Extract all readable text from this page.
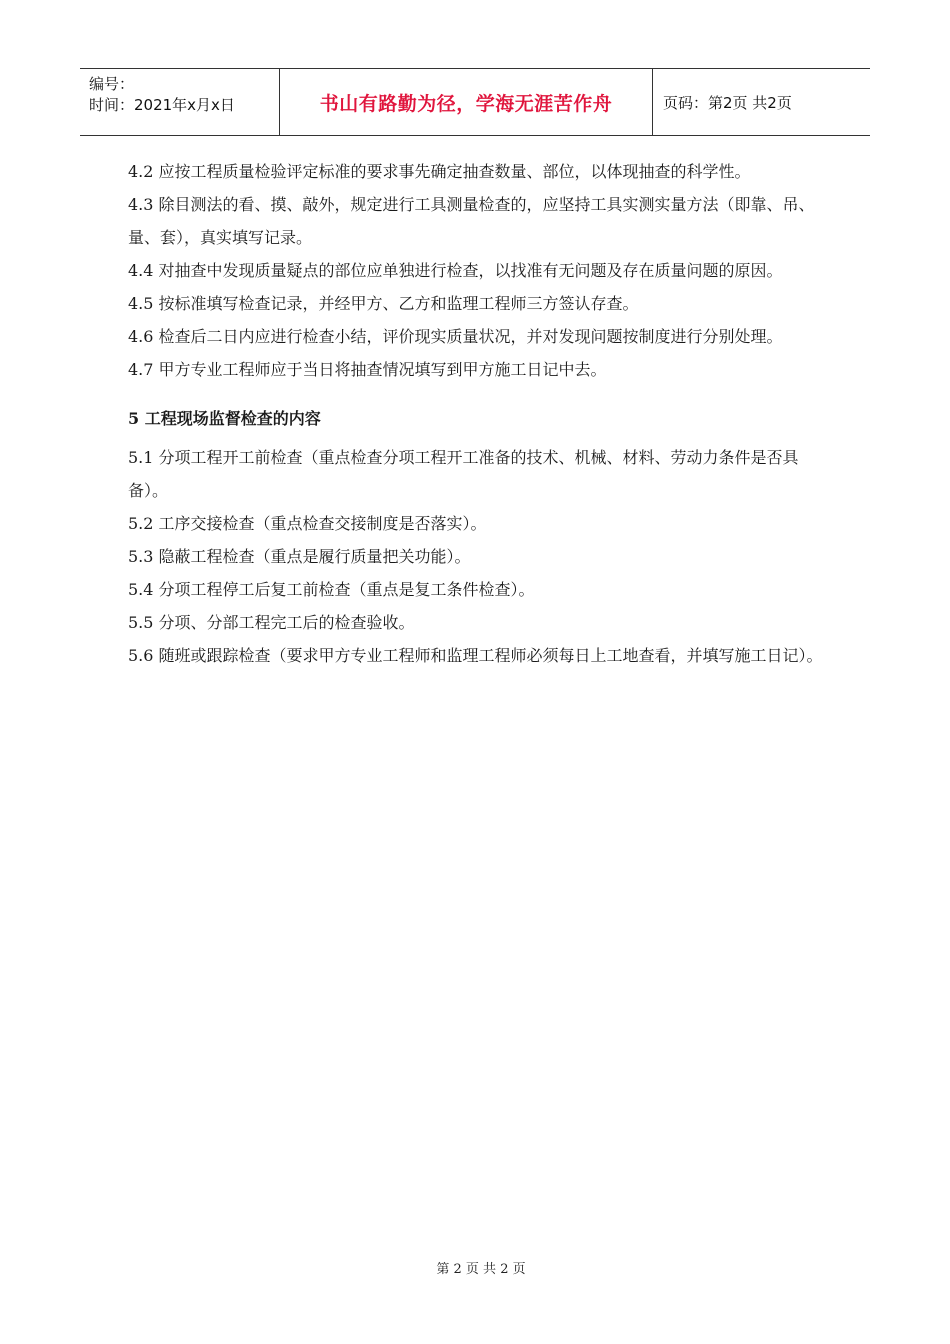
编号：
时间：2021年x月x日	书山有路勤为径，学海无涯苦作舟	页码：第2页 共2页

4.2 应按工程质量检验评定标准的要求事先确定抽查数量、部位，以体现抽查的科学性。

4.3 除目测法的看、摸、敲外，规定进行工具测量检查的，应坚持工具实测实量方法（即靠、吊、量、套），真实填写记录。

4.4 对抽查中发现质量疑点的部位应单独进行检查，以找准有无问题及存在质量问题的原因。

4.5 按标准填写检查记录，并经甲方、乙方和监理工程师三方签认存查。

4.6 检查后二日内应进行检查小结，评价现实质量状况，并对发现问题按制度进行分别处理。

4.7 甲方专业工程师应于当日将抽查情况填写到甲方施工日记中去。

5 工程现场监督检查的内容

5.1 分项工程开工前检查（重点检查分项工程开工准备的技术、机械、材料、劳动力条件是否具备）。

5.2 工序交接检查（重点检查交接制度是否落实）。

5.3 隐蔽工程检查（重点是履行质量把关功能）。

5.4 分项工程停工后复工前检查（重点是复工条件检查）。

5.5 分项、分部工程完工后的检查验收。

5.6 随班或跟踪检查（要求甲方专业工程师和监理工程师必须每日上工地查看，并填写施工日记）。

第 2 页 共 2 页
